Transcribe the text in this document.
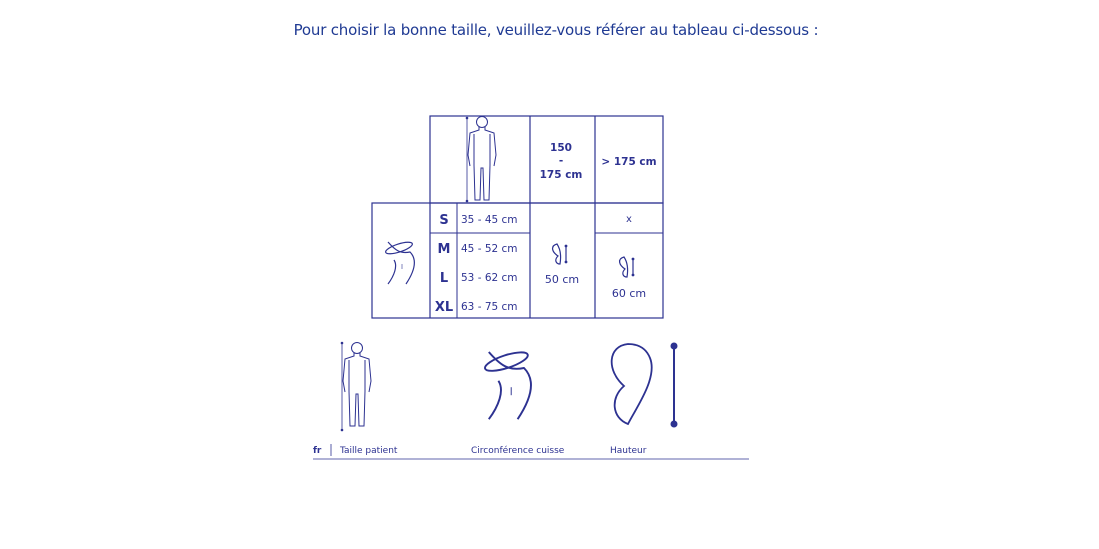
Pour choisir la bonne taille, veuillez-vous référer au tableau ci-dessous :
150
-
175 cm
> 175 cm
S 35 - 45 cm
M 45 - 52 cm
L 53 - 62 cm
XL 63 - 75 cm
50 cm
x
60 cm
fr Taille patient	Circonférence cuisse	Hauteur
